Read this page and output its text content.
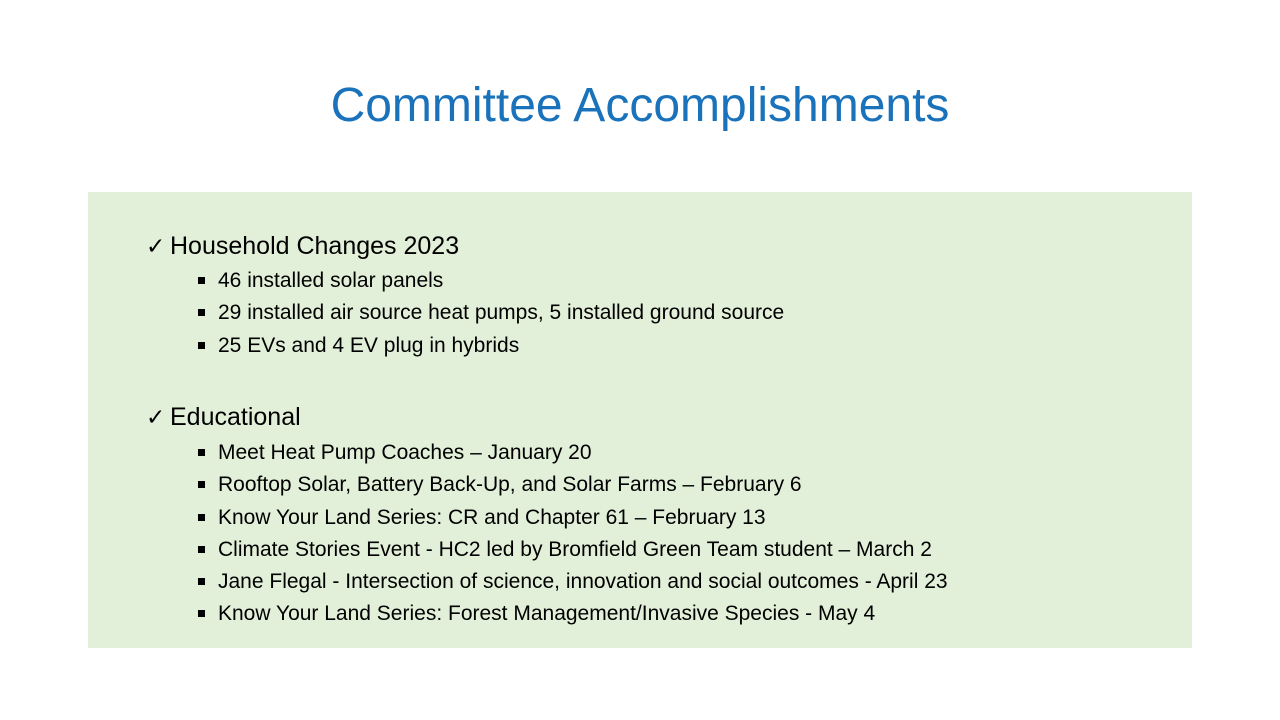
Committee Accomplishments
✓ Household Changes 2023
46 installed solar panels
29 installed air source heat pumps, 5 installed ground source
25 EVs and 4 EV plug in hybrids
✓ Educational
Meet Heat Pump Coaches – January 20
Rooftop Solar, Battery Back-Up, and Solar Farms – February 6
Know Your Land Series: CR and Chapter 61 – February 13
Climate Stories Event - HC2 led by Bromfield Green Team student – March 2
Jane Flegal - Intersection of science, innovation and social outcomes - April 23
Know Your Land Series: Forest Management/Invasive Species - May 4
